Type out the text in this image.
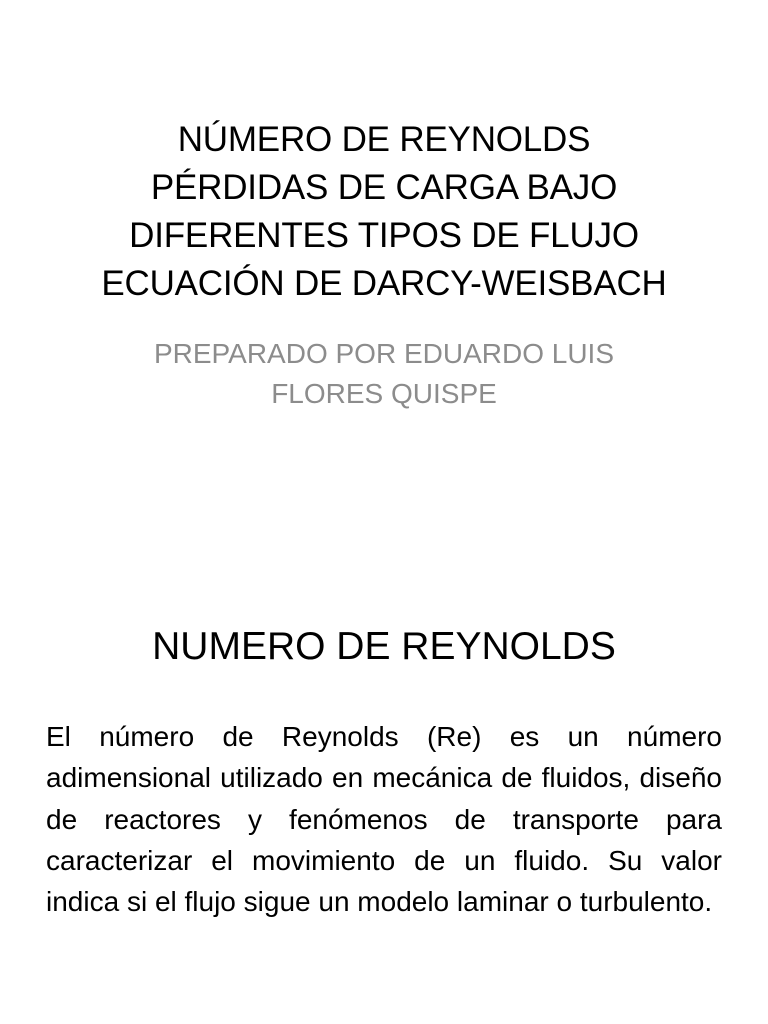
NÚMERO DE REYNOLDS
PÉRDIDAS DE CARGA BAJO
DIFERENTES TIPOS DE FLUJO
ECUACIÓN DE DARCY-WEISBACH
PREPARADO POR EDUARDO LUIS
FLORES QUISPE
NUMERO DE REYNOLDS

El número de Reynolds (Re) es un número adimensional utilizado en mecánica de fluidos, diseño de reactores y fenómenos de transporte para caracterizar el movimiento de un fluido. Su valor indica si el flujo sigue un modelo laminar o turbulento.
